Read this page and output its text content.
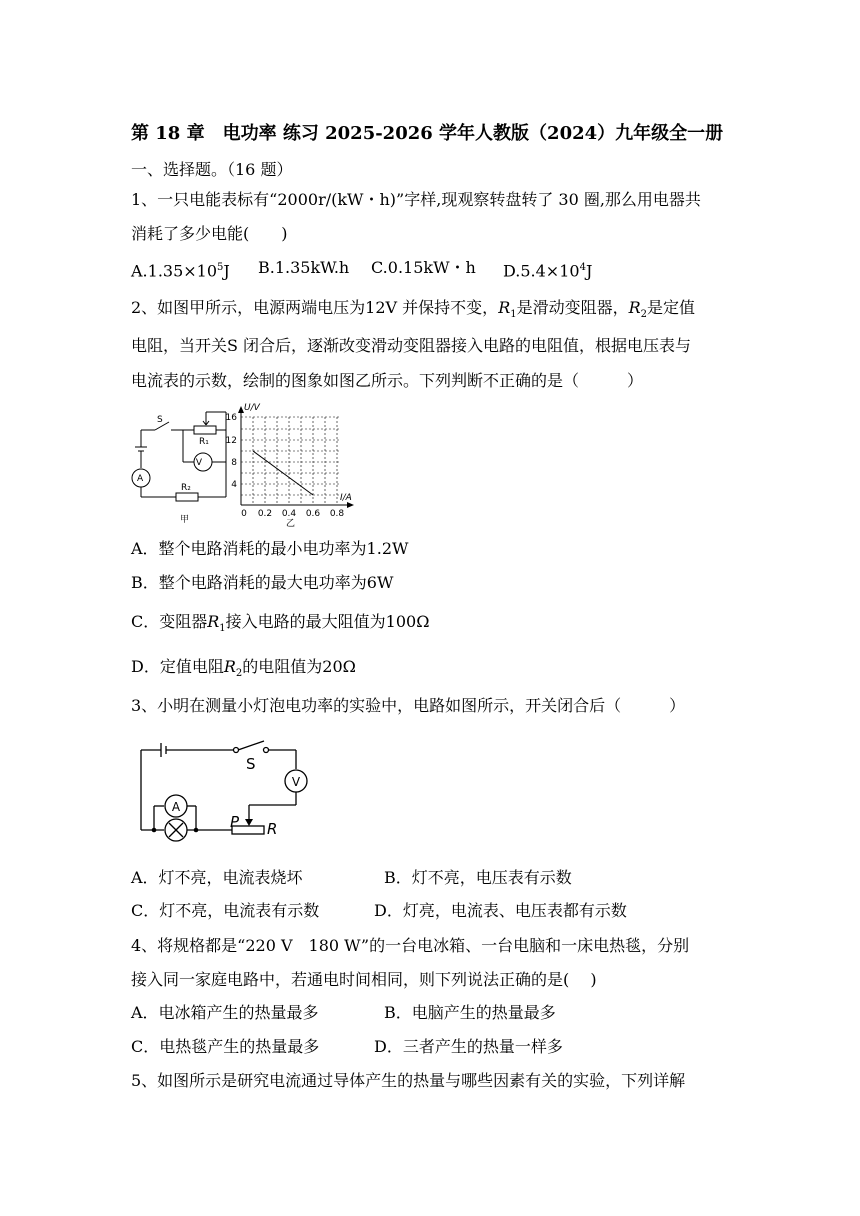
第 18 章　电功率 练习 2025-2026 学年人教版（2024）九年级全一册
一、选择题。（16 题）
1、一只电能表标有“2000r/(kW・h)”字样,现观察转盘转了 30 圈,那么用电器共
消耗了多少电能(　　)
$A.1.35\times 10^5J$ B.1.35kW.h C.0.15kW・h $D.5.4\times 10^4J$
2、如图甲所示，电源两端电压为12V 并保持不变，$R_1$是滑动变阻器，$R_2$是定值
电阻，当开关S 闭合后，逐渐改变滑动变阻器接入电路的电阻值，根据电压表与
电流表的示数，绘制的图象如图乙所示。下列判断不正确的是（　　　）
S
R₁
V
A
R₂
甲	乙
U/V
I/A
16
12
8
4
0 0.2 0.4 0.6 0.8
A．整个电路消耗的最小电功率为1.2W
B．整个电路消耗的最大电功率为6W
C．变阻器$R_1$接入电路的最大阻值为100Ω
D．定值电阻$R_2$的电阻值为20Ω
3、小明在测量小灯泡电功率的实验中，电路如图所示，开关闭合后（　　　）
S
V
A
P R
A．灯不亮，电流表烧坏	B．灯不亮，电压表有示数
C．灯不亮，电流表有示数	D．灯亮，电流表、电压表都有示数
4、将规格都是“220 V　180 W”的一台电冰箱、一台电脑和一床电热毯，分别
接入同一家庭电路中，若通电时间相同，则下列说法正确的是(　 )
A．电冰箱产生的热量最多	B．电脑产生的热量最多
C．电热毯产生的热量最多	D．三者产生的热量一样多
5、如图所示是研究电流通过导体产生的热量与哪些因素有关的实验，下列详解
